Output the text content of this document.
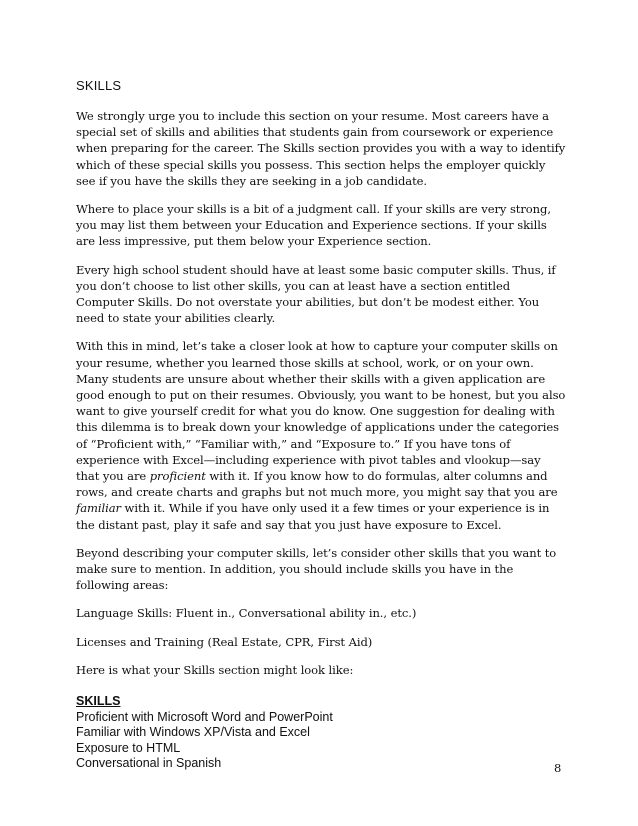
SKILLS

We strongly urge you to include this section on your resume. Most careers have a special set of skills and abilities that students gain from coursework or experience when preparing for the career. The Skills section provides you with a way to identify which of these special skills you possess. This section helps the employer quickly see if you have the skills they are seeking in a job candidate.

Where to place your skills is a bit of a judgment call. If your skills are very strong, you may list them between your Education and Experience sections. If your skills are less impressive, put them below your Experience section.

Every high school student should have at least some basic computer skills. Thus, if you don’t choose to list other skills, you can at least have a section entitled Computer Skills. Do not overstate your abilities, but don’t be modest either. You need to state your abilities clearly.

With this in mind, let’s take a closer look at how to capture your computer skills on your resume, whether you learned those skills at school, work, or on your own. Many students are unsure about whether their skills with a given application are good enough to put on their resumes. Obviously, you want to be honest, but you also want to give yourself credit for what you do know. One suggestion for dealing with this dilemma is to break down your knowledge of applications under the categories of “Proficient with,” “Familiar with,” and “Exposure to.” If you have tons of experience with Excel—including experience with pivot tables and vlookup—say that you are proficient with it. If you know how to do formulas, alter columns and rows, and create charts and graphs but not much more, you might say that you are familiar with it. While if you have only used it a few times or your experience is in the distant past, play it safe and say that you just have exposure to Excel.

Beyond describing your computer skills, let’s consider other skills that you want to make sure to mention. In addition, you should include skills you have in the following areas:

Language Skills: Fluent in., Conversational ability in., etc.)

Licenses and Training (Real Estate, CPR, First Aid)

Here is what your Skills section might look like:

SKILLS
Proficient with Microsoft Word and PowerPoint
Familiar with Windows XP/Vista and Excel
Exposure to HTML
Conversational in Spanish	8
